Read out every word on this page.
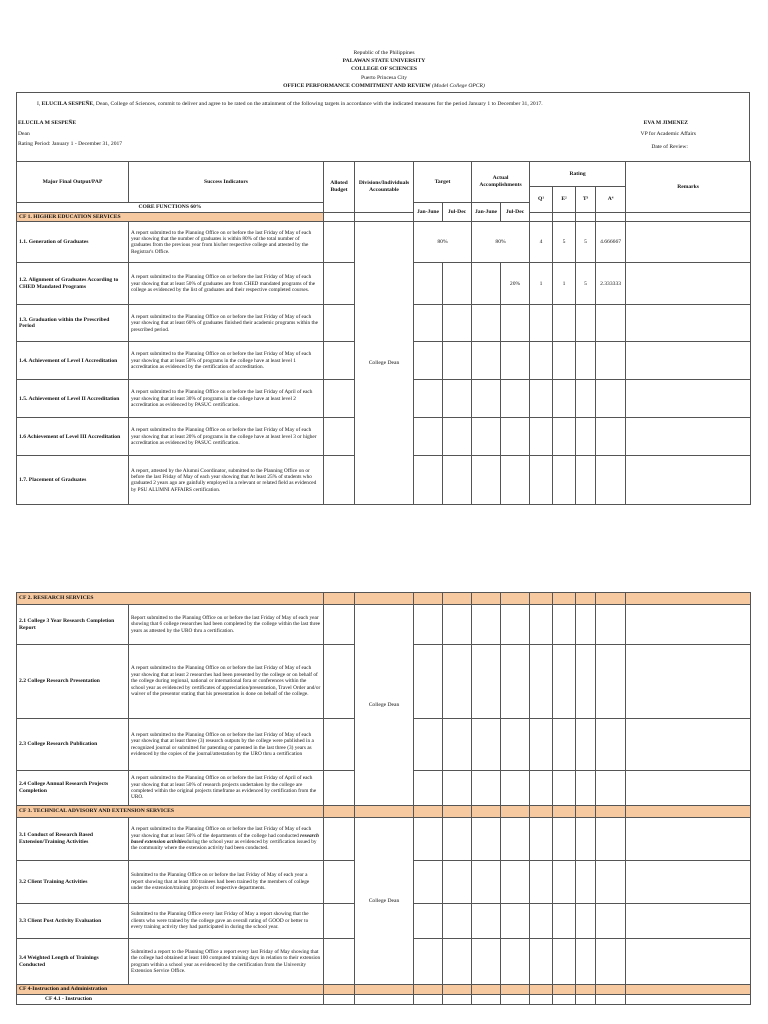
Republic of the Philippines
PALAWAN STATE UNIVERSITY
COLLEGE OF SCIENCES
Puerto Princesa City
OFFICE PERFORMANCE COMMITMENT AND REVIEW (Model College OPCR)
I, ELUCILA SESPEÑE, Dean, College of Sciences, commit to deliver and agree to be rated on the attainment of the following targets in accordance with the indicated measures for the period January 1 to December 31, 2017.
ELUCILA M SESPEÑE
Dean
Rating Period: January 1 - December 31, 2017
EVA M JIMENEZ
VP for Academic Affairs
Date of Review:
Major Final Output/PAP	Success Indicators	Alloted Budget	Divisions/Individuals Accountable	Target		Actual Accomplishments		Rating				Remarks
								Q¹	E²	T³	A⁴	
CORE FUNCTIONS 60%				Jan-June	Jul-Dec	Jan-June	Jul-Dec					
CF 1. HIGHER EDUCATION SERVICES												
1.1. Generation of Graduates	A report submitted to the Planning Office on or before the last Friday of May of each year showing that the number of graduates is within 80% of the total number of graduates from the previous year from his/her respective college and attested by the Registrar's Office.		College Dean	80%		80%		4	5	5	4.666667	
1.2. Alignment of Graduates According to CHED Mandated Programs	A report submitted to the Planning Office on or before the last Friday of May of each year showing that at least 50% of graduates are from CHED mandated programs of the college as evidenced by the list of graduates and their respective completed courses.						20%	1	1	5	2.333333	
1.3. Graduation within the Prescribed Period	A report submitted to the Planning Office on or before the last Friday of May of each year showing that at least 60% of graduates finished their academic programs within the prescribed period.											
1.4. Achievement of Level I Accreditation	A report submitted to the Planning Office on or before the last Friday of May of each year showing that at least 50% of programs in the college have at least level 1 accreditation as evidenced by the certification of accreditation.											
1.5. Achievement of Level II Accreditation	A report submitted to the Planning Office on or before the last Friday of April of each year showing that at least 30% of programs in the college have at least level 2 accreditation as evidenced by PASUC certification.											
1.6 Achievement of Level III Accreditation	A report submitted to the Planning Office on or before the last Friday of May of each year showing that at least 20% of programs in the college have at least level 3 or higher accreditation as evidenced by PASUC certification.											
1.7. Placement of Graduates	A report, attested by the Alumni Coordinator, submitted to the Planning Office on or before the last Friday of May of each year showing that At least 25% of students who graduated 2 years ago are gainfully employed in a relevant or related field as evidenced by PSU ALUMNI AFFAIRS certification.											
CF 2. RESEARCH SERVICES												
2.1 College 3 Year Research Completion Report	Report submitted to the Planning Office on or before the last Friday of May of each year showing that 6 college researches had been completed by the college within the last three years as attested by the URO thru a certification.		College Dean									
2.2 College Research Presentation	A report submitted to the Planning Office on or before the last Friday of May of each year showing that at least 2 researches had been presented by the college or on behalf of the college during regional, national or international fora or conferences within the school year as evidenced by certificates of appreciation/presentation, Travel Order and/or waiver of the presentor stating that his presentation is done on behalf of the college.											
2.3 College Research Publication	A report submitted to the Planning Office on or before the last Friday of May of each year showing that at least three (3) research outputs by the college were published in a recognized journal or submitted for patenting or patented in the last three (3) years as evidenced by the copies of the journal/attestation by the URO thru a certification											
2.4 College Annual Research Projects Completion	A report submitted to the Planning Office on or before the last Friday of April of each year showing that at least 50% of research projects undertaken by the college are completed within the original projects timeframe as evidenced by certification from the URO.											
CF 3. TECHNICAL ADVISORY AND EXTENSION SERVICES												
3.1 Conduct of Research Based Extension/Training Activities	A report submitted to the Planning Office on or before the last Friday of May of each year showing that at least 50% of the departments of the college had conducted research based extension activitiesduring the school year as evidenced by certification issued by the community where the extension activity had been conducted.		College Dean									
3.2 Client Training Activities	Submitted to the Planning Office on or before the last Friday of May of each year a report showing that at least 100 trainees had been trained by the members of college under the extension/training projects of respective departments.											
3.3 Client Post Activity Evaluation	Submitted to the Planning Office every last Friday of May a report showing that the clients who were trained by the college gave an overall rating of GOOD or better to every training activity they had participated in during the school year.											
3.4 Weighted Length of Trainings Conducted	Submitted a report to the Planning Office a report every last Friday of May showing that the college had obtained at least 100 computed training days in relation to their extension program within a school year as evidenced by the certification from the University Extension Service Office.											
CF 4-Instruction and Administration												
CF 4.1 - Instruction												
